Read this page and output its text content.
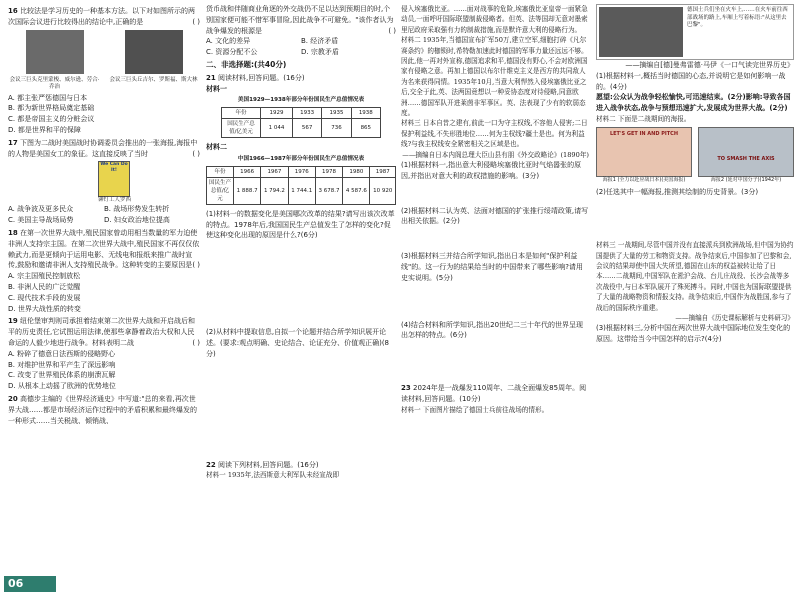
16 比较法是学习历史的一种基本方法。以下对如图所示的两次国际会议进行比较得出的结论中,正确的是	( )

会议三巨头克里蒙梭、威尔逊、劳合·乔治
会议三巨头丘吉尔、罗斯福、斯大林
A. 都主张严惩德国与日本
B. 都为新世界格局奠定基础
C. 都是帝国主义的分赃会议
D. 都是世界和平的保障

17 下图为二战时美国战时协调委员会推出的一张海报,海报中的人物是美国女工的象征。这直接反映了当时	( )

We Can Do It!
铆钉工人罗西
A. 战争波及更多民众	B. 战场形势发生转折
C. 美国主导战场局势	D. 妇女政治地位提高

18 在第一次世界大战中,殖民国家曾动用相当数量的军力迫使非洲人支持宗主国。在第二次世界大战中,殖民国家不再仅仅依赖武力,而是更倾向于运用电影、无线电和报纸来推广战时宣传,鼓励和邀请非洲人支持殖民战争。这种转变的主要原因是 ( )

A. 宗主国殖民控制放松
B. 非洲人民的广泛觉醒
C. 现代技术手段的发展
D. 世界大战性质的转变

19 纽伦堡审判则司承担着结束第二次世界大战和开启战后和平的历史责任,它试图运用法律,使那些拿静着政治大权和人民命运的人毅少地进行战争。材料表明二战	( )

A. 粉碎了德意日法西斯的侵略野心
B. 对维护世界和平产生了深远影响
C. 改变了世界殖民体系的崩溃瓦解
D. 从根本上动摇了欧洲的优势地位

20 高德步主编的《世界经济通史》中写道:"总的来看,再次世界大战……都是市场经济运作过程中的矛盾积累和最终爆发的一种形式……当关税战、倾销战、

货币战和伴随商业角逐的外交战仍不足以达到预期目的时,个别国家便可能不惜军事冒险,因此战争不可避免。"该作者认为战争爆发的根源是	( )

A. 文化的差异	B. 经济矛盾
C. 资源分配不公	D. 宗教矛盾

二、非选择题:(共40分)

21 阅读材料,回答问题。(16分)

材料一

美国1929—1938年部分年份国民生产总值情况表

年份	1929	1933	1935	1938
国民生产总值/亿美元	1 044	567	736	865

材料二

中国1966—1987年部分年份国民生产总值情况表

年份	1966	1967	1976	1978	1980	1987
国民生产总值/亿元	1 888.7	1 794.2	1 744.1	3 678.7	4 587.6	10 920

(1)材料一的数据变化是美国哪次改革的结果?请写出该次改革的特点。1978年后,我国国民生产总值发生了怎样的变化?促使这种变化出现的原因是什么?(6分)

(2)从材料中提取信息,自拟一个论题并结合所学知识展开论述。(要求:观点明确、史论结合、论证充分、价值观正确)(8分)

22 阅读下列材料,回答问题。(16分)

材料一 1935年,法西斯意大利军队未经宣战即

侵入埃塞俄比亚。……面对战事的危险,埃塞俄比亚皇帝一面紧急动员,一面呼吁国际联盟制裁侵略者。但英、法等国却无意对墨索里尼政府采取强有力的制裁措施,而是默许意大利的侵略行为。

材料二 1935年,当德国宣布扩军50万,建立空军,细胞打碎《凡尔赛条约》的枷锁时,希特勒加速此时德国的军事力量还远远不够。因此,他一再对外宣称,德国追求和平,德国没有野心,不会对欧洲国家有侵略之意。再加上德国以布尔什维克主义是西方的共同敌人为名来获得同情。1935年10月,当意大利悍然入侵埃塞俄比亚之后,交全于此,英、法两国竟想以一种妥协态度对待侵略,同意欧洲……德国军队开进莱茵非军事区。英、法表现了少有的软弱态度。

材料三 日本自昔之建有,前此一口为守主权线,不容他人侵害;二日保护利益线,不失形胜地位……何为主权线?疆土是也。何为利益线?与我主权线安全紧密相关之区域是也。

——摘编自日本内阁总理大臣山县有朋《外交政略论》(1890年)

(1)根据材料一,指出意大利侵略埃塞俄比亚时气焰嚣张的原因,并指出对意大利的政权措施的影响。(3分)

(2)根据材料二认为英、法面对德国的扩张推行绥靖政策,请写出相关依据。(2分)

(3)根据材料三并结合所学知识,指出日本是如何"保护利益线"的。这一行为的结果给当时的中国带来了哪些影响?请用史实说明。(5分)

(4)结合材料和所学知识,指出20世纪二三十年代的世界呈现出怎样的特点。(6分)

23 2024年是一战爆发110周年、二战全面爆发85周年。阅读材料,回答问题。(10分)

材料一 下面图片描绘了德国士兵前往战场的情形。

德国士兵们坐在火车上,……在火车前往西部战场的路上,车厢上写着标语:"从这里去巴黎"。

——摘编自[德]曼弗雷德·马伊《一口气读完世界历史》

(1)根据材料一,概括当时德国的心态,并说明它是如何影响一战的。(4分)

愿望:公众认为战争轻松愉快,可迅速结束。(2分)影响:导致各国进入战争状态,战争与预想迅速扩大,发展成为世界大战。(2分)

材料二 下面是二战期间的海报。

LET'S GET IN AND PITCH
海报1 (全力以赴应战日本)(美国海报)
TO SMASH THE AXIS
海报2 (延对中国分子)(1942年)

(2)任选其中一幅海报,推测其绘制的历史背景。(3分)

材料三 一战期间,尽管中国并没有直接派兵到欧洲战场,但中国为协约国提供了大量的劳工和物资支持。战争结束后,中国参加了巴黎和会,会议的结果却使中国大失所望,德国在山东的权益被转让给了日本……二战期间,中国军队在淞沪会战、台儿庄战役、长沙会战等多次战役中,与日本军队展开了殊死搏斗。同时,中国也为国际联盟提供了大量的战略物资和情报支持。战争结束后,中国作为战胜国,参与了战后的国际秩序重建。

——摘编自《历史课标解析与史料研习》

(3)根据材料三,分析中国在两次世界大战中国际地位发生变化的原因。这带给当今中国怎样的启示?(4分)

06
